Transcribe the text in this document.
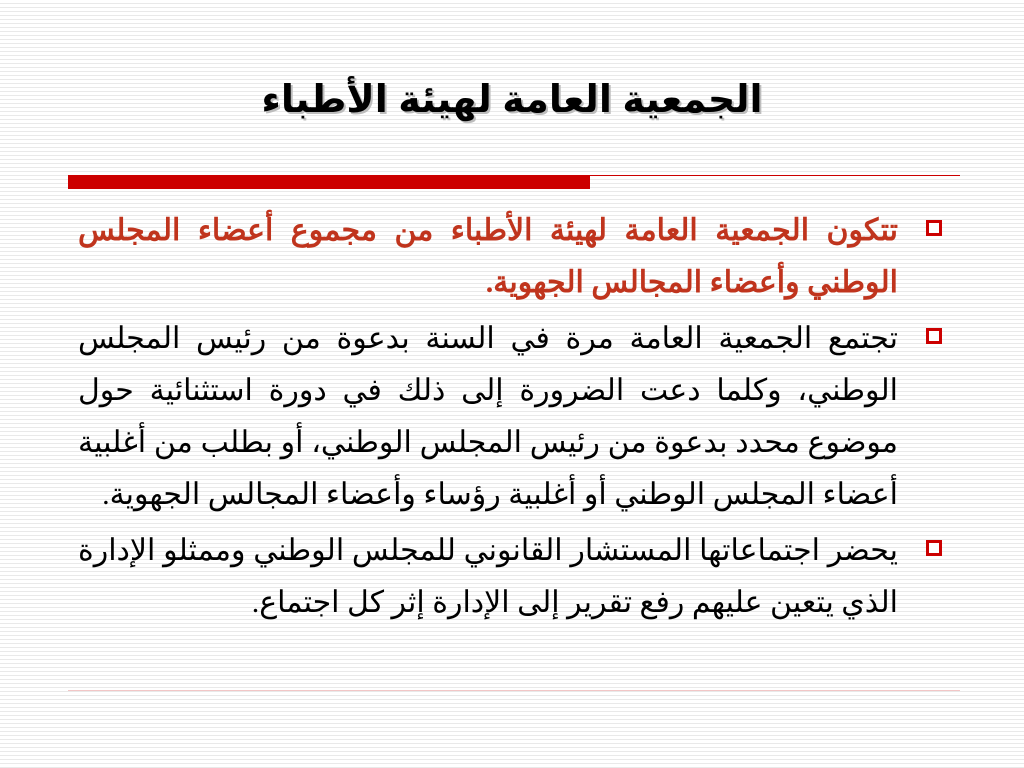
الجمعية العامة لهيئة الأطباء
تتكون الجمعية العامة لهيئة الأطباء من مجموع أعضاء المجلس الوطني وأعضاء المجالس الجهوية.
تجتمع الجمعية العامة مرة في السنة بدعوة من رئيس المجلس الوطني، وكلما دعت الضرورة إلى ذلك في دورة استثنائية حول موضوع محدد بدعوة من رئيس المجلس الوطني، أو بطلب من أغلبية أعضاء المجلس الوطني أو أغلبية رؤساء وأعضاء المجالس الجهوية.
يحضر اجتماعاتها المستشار القانوني للمجلس الوطني وممثلو الإدارة الذي يتعين عليهم رفع تقرير إلى الإدارة إثر كل اجتماع.
